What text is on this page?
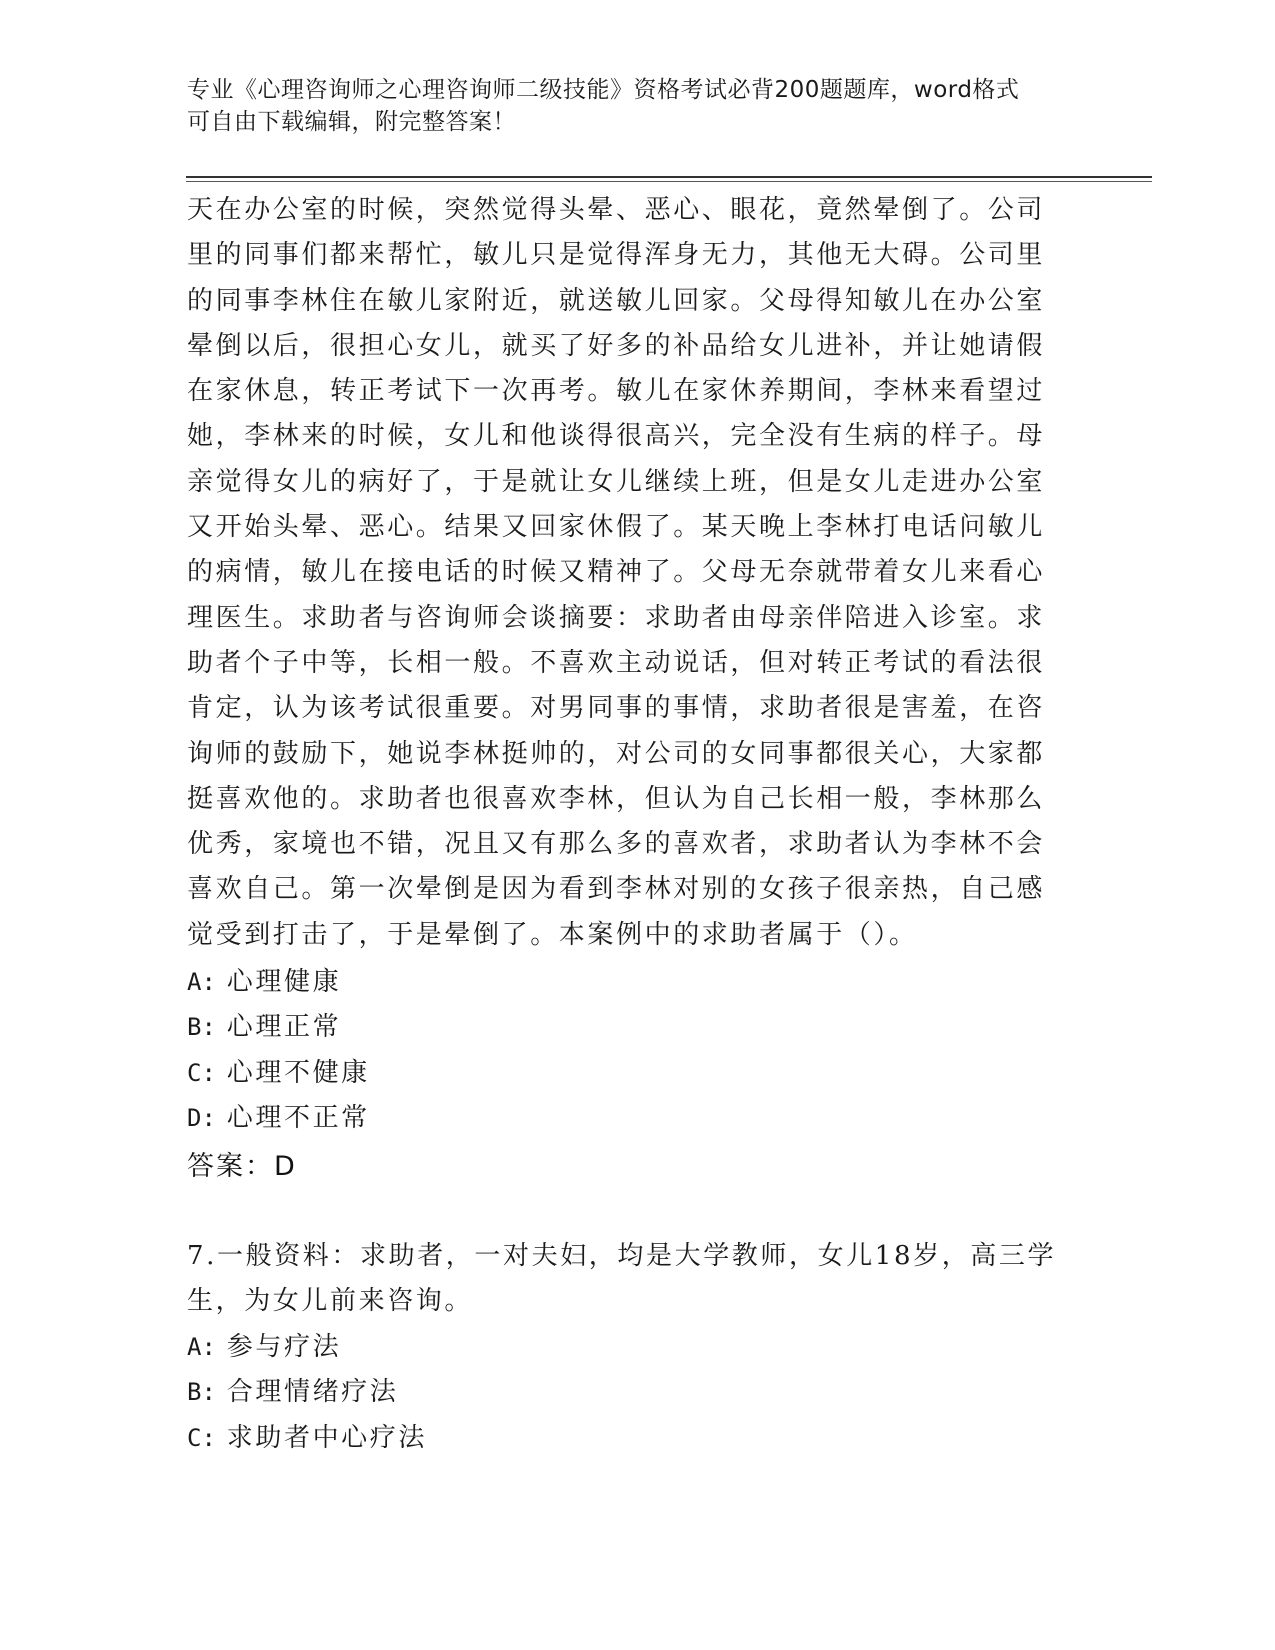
专业《心理咨询师之心理咨询师二级技能》资格考试必背200题题库，word格式
可自由下载编辑，附完整答案！
天在办公室的时候，突然觉得头晕、恶心、眼花，竟然晕倒了。公司
里的同事们都来帮忙，敏儿只是觉得浑身无力，其他无大碍。公司里
的同事李林住在敏儿家附近，就送敏儿回家。父母得知敏儿在办公室
晕倒以后，很担心女儿，就买了好多的补品给女儿进补，并让她请假
在家休息，转正考试下一次再考。敏儿在家休养期间，李林来看望过
她，李林来的时候，女儿和他谈得很高兴，完全没有生病的样子。母
亲觉得女儿的病好了，于是就让女儿继续上班，但是女儿走进办公室
又开始头晕、恶心。结果又回家休假了。某天晚上李林打电话问敏儿
的病情，敏儿在接电话的时候又精神了。父母无奈就带着女儿来看心
理医生。求助者与咨询师会谈摘要：求助者由母亲伴陪进入诊室。求
助者个子中等，长相一般。不喜欢主动说话，但对转正考试的看法很
肯定，认为该考试很重要。对男同事的事情，求助者很是害羞，在咨
询师的鼓励下，她说李林挺帅的，对公司的女同事都很关心，大家都
挺喜欢他的。求助者也很喜欢李林，但认为自己长相一般，李林那么
优秀，家境也不错，况且又有那么多的喜欢者，求助者认为李林不会
喜欢自己。第一次晕倒是因为看到李林对别的女孩子很亲热，自己感
觉受到打击了，于是晕倒了。本案例中的求助者属于（）。
A: 心理健康
B: 心理正常
C: 心理不健康
D: 心理不正常
答案：D
7.一般资料：求助者，一对夫妇，均是大学教师，女儿18岁，高三学
生，为女儿前来咨询。
A: 参与疗法
B: 合理情绪疗法
C: 求助者中心疗法
